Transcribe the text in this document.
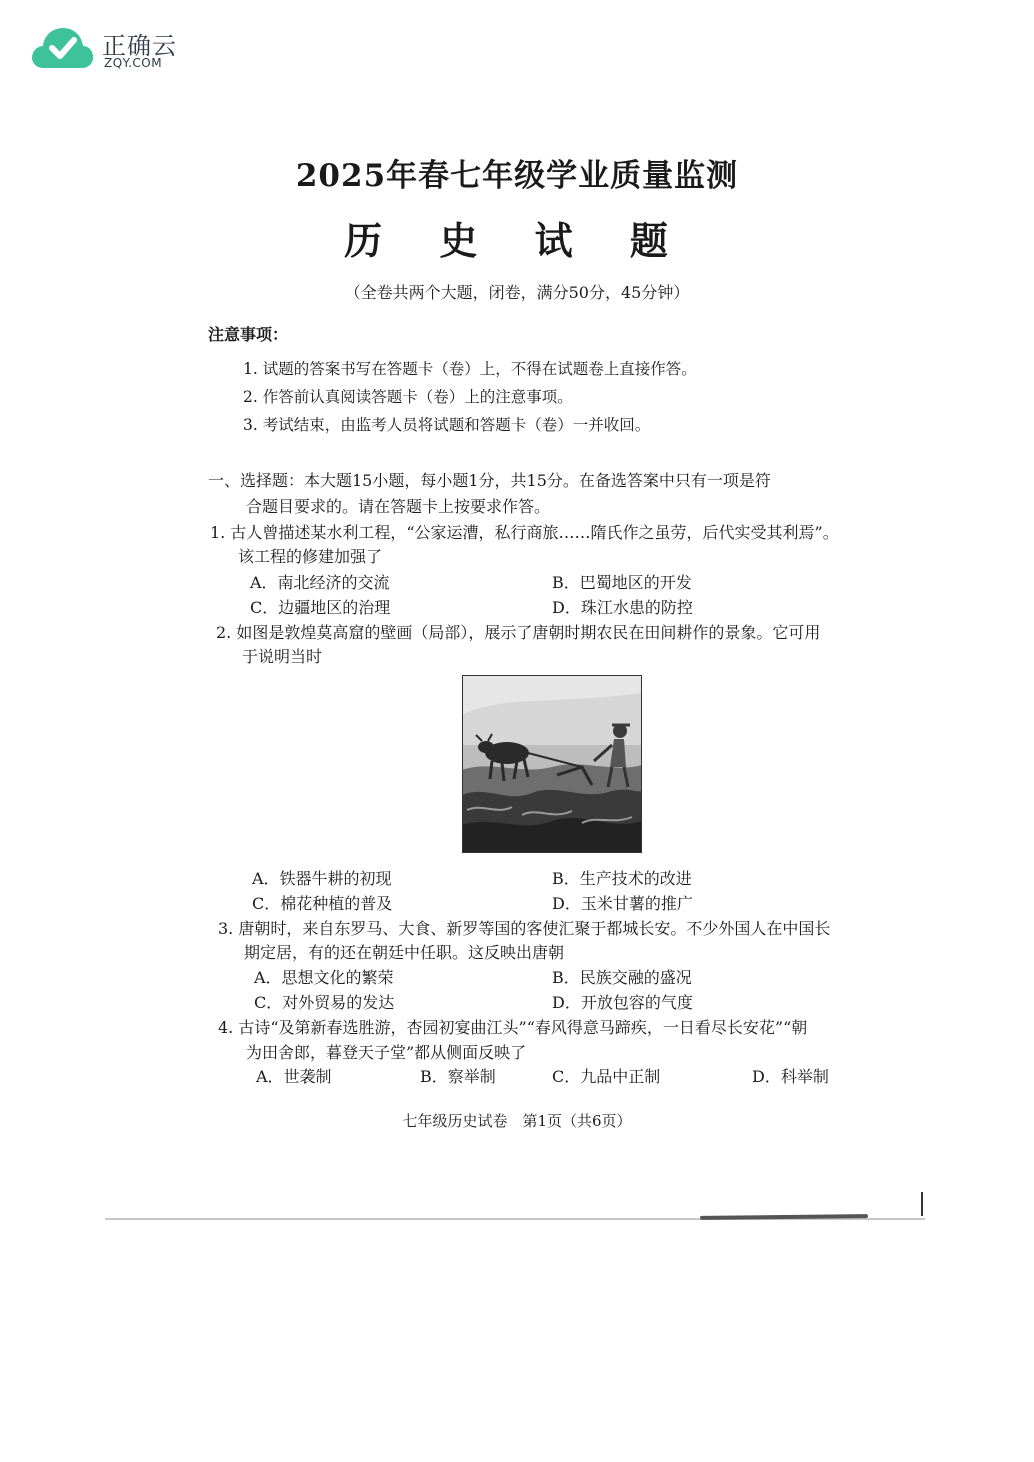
正确云
ZQY.COM
2025年春七年级学业质量监测
历 史 试 题
（全卷共两个大题，闭卷，满分50分，45分钟）
注意事项：
1. 试题的答案书写在答题卡（卷）上，不得在试题卷上直接作答。
2. 作答前认真阅读答题卡（卷）上的注意事项。
3. 考试结束，由监考人员将试题和答题卡（卷）一并收回。
一、选择题：本大题15小题，每小题1分，共15分。在备选答案中只有一项是符
合题目要求的。请在答题卡上按要求作答。
1. 古人曾描述某水利工程，“公家运漕，私行商旅……隋氏作之虽劳，后代实受其利焉”。
该工程的修建加强了
A．南北经济的交流	B．巴蜀地区的开发
C．边疆地区的治理	D．珠江水患的防控
2. 如图是敦煌莫高窟的壁画（局部），展示了唐朝时期农民在田间耕作的景象。它可用
于说明当时
A．铁器牛耕的初现	B．生产技术的改进
C．棉花种植的普及	D．玉米甘薯的推广
3. 唐朝时，来自东罗马、大食、新罗等国的客使汇聚于都城长安。不少外国人在中国长
期定居，有的还在朝廷中任职。这反映出唐朝
A．思想文化的繁荣	B．民族交融的盛况
C．对外贸易的发达	D．开放包容的气度
4. 古诗“及第新春选胜游，杏园初宴曲江头”“春风得意马蹄疾，一日看尽长安花”“朝
为田舍郎，暮登天子堂”都从侧面反映了
A．世袭制	B．察举制	C．九品中正制	D．科举制
七年级历史试卷　第1页（共6页）
